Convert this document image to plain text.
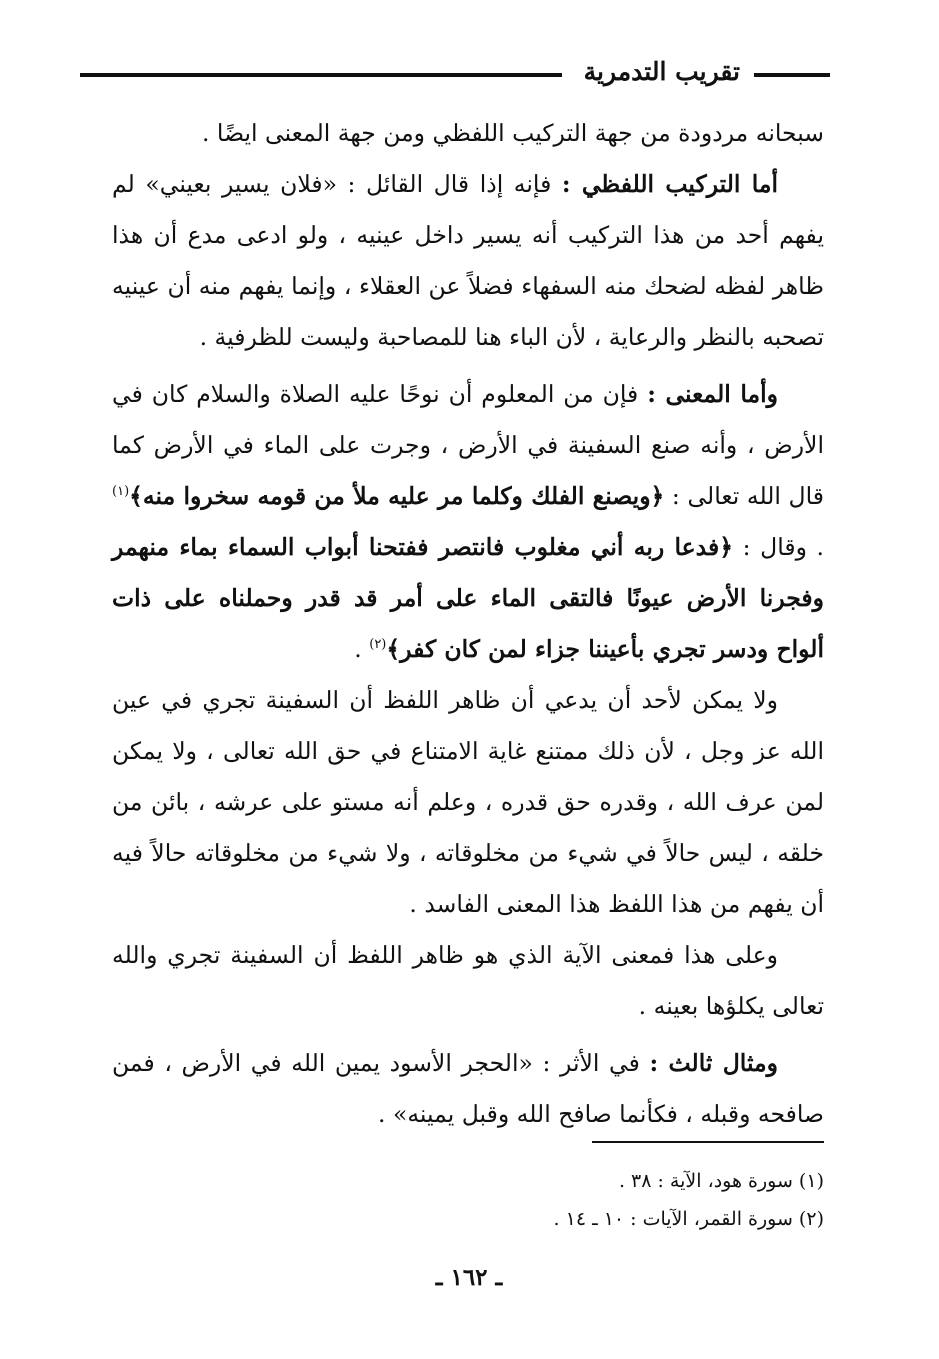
تقريب التدمرية

سبحانه مردودة من جهة التركيب اللفظي ومن جهة المعنى ايضًا .

أما التركيب اللفظي : فإنه إذا قال القائل : «فلان يسير بعيني» لم يفهم أحد من هذا التركيب أنه يسير داخل عينيه ، ولو ادعى مدع أن هذا ظاهر لفظه لضحك منه السفهاء فضلاً عن العقلاء ، وإنما يفهم منه أن عينيه تصحبه بالنظر والرعاية ، لأن الباء هنا للمصاحبة وليست للظرفية .

وأما المعنى : فإن من المعلوم أن نوحًا عليه الصلاة والسلام كان في الأرض ، وأنه صنع السفينة في الأرض ، وجرت على الماء في الأرض كما قال الله تعالى : ﴿ويصنع الفلك وكلما مر عليه ملأ من قومه سخروا منه﴾$^{(١)}$ . وقال : ﴿فدعا ربه أني مغلوب فانتصر ففتحنا أبواب السماء بماء منهمر وفجرنا الأرض عيونًا فالتقى الماء على أمر قد قدر وحملناه على ذات ألواح ودسر تجري بأعيننا جزاء لمن كان كفر﴾$^{(٢)}$ .

ولا يمكن لأحد أن يدعي أن ظاهر اللفظ أن السفينة تجري في عين الله عز وجل ، لأن ذلك ممتنع غاية الامتناع في حق الله تعالى ، ولا يمكن لمن عرف الله ، وقدره حق قدره ، وعلم أنه مستو على عرشه ، بائن من خلقه ، ليس حالاً في شيء من مخلوقاته ، ولا شيء من مخلوقاته حالاً فيه أن يفهم من هذا اللفظ هذا المعنى الفاسد .

وعلى هذا فمعنى الآية الذي هو ظاهر اللفظ أن السفينة تجري والله تعالى يكلؤها بعينه .

ومثال ثالث : في الأثر : «الحجر الأسود يمين الله في الأرض ، فمن صافحه وقبله ، فكأنما صافح الله وقبل يمينه» .

(١) سورة هود، الآية : ٣٨ .

(٢) سورة القمر، الآيات : ١٠ ـ ١٤ .

ـ ١٦٢ ـ
